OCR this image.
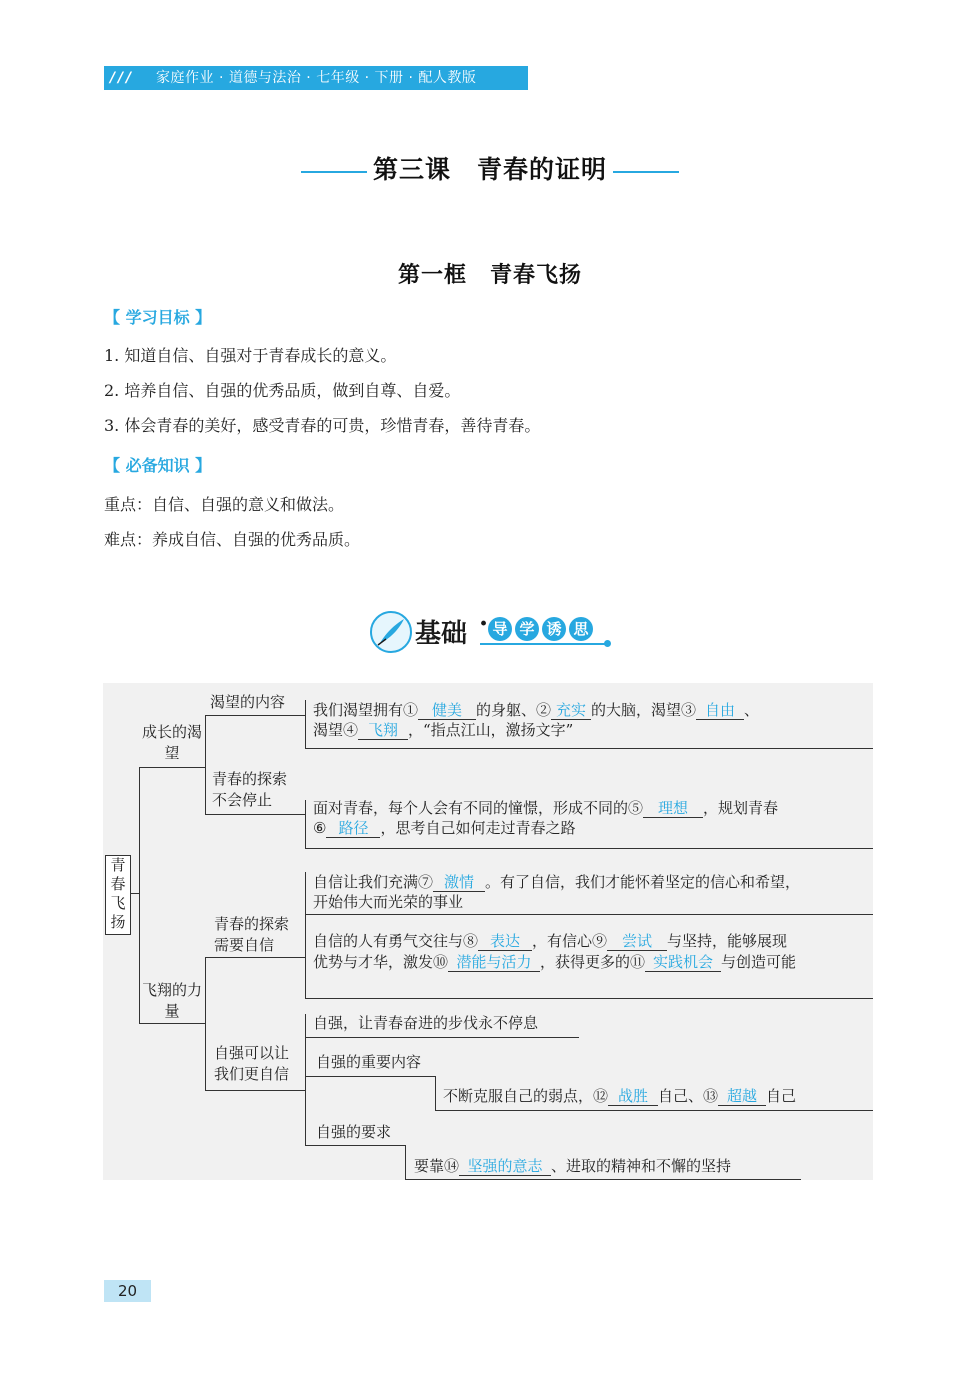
/ / / 家庭作业 · 道德与法治 · 七年级 · 下册 · 配人教版
第三课　青春的证明
第一框　青春飞扬
【 学习目标 】
1. 知道自信、自强对于青春成长的意义。
2. 培养自信、自强的优秀品质，做到自尊、自爱。
3. 体会青春的美好，感受青春的可贵，珍惜青春，善待青春。
【 必备知识 】
重点：自信、自强的意义和做法。
难点：养成自信、自强的优秀品质。
基础 · 导 学 诱 思
青春飞扬
成长的渴望
渴望的内容
青春的探索不会停止
我们渴望拥有① 健美 的身躯、② 充实 的大脑，渴望③ 自由 、
渴望④ 飞翔 ，“指点江山，激扬文字”
面对青春，每个人会有不同的憧憬，形成不同的⑤ 理想 ，规划青春
⑥ 路径 ，思考自己如何走过青春之路
飞翔的力量
青春的探索需要自信
自强可以让我们更自信
自信让我们充满⑦ 激情 。有了自信，我们才能怀着坚定的信心和希望，
开始伟大而光荣的事业
自信的人有勇气交往与⑧ 表达 ，有信心⑨ 尝试 与坚持，能够展现
优势与才华，激发⑩ 潜能与活力 ，获得更多的⑪ 实践机会 与创造可能
自强，让青春奋进的步伐永不停息
自强的重要内容
不断克服自己的弱点，⑫ 战胜 自己、⑬ 超越 自己
自强的要求
要靠⑭ 坚强的意志 、进取的精神和不懈的坚持
20
